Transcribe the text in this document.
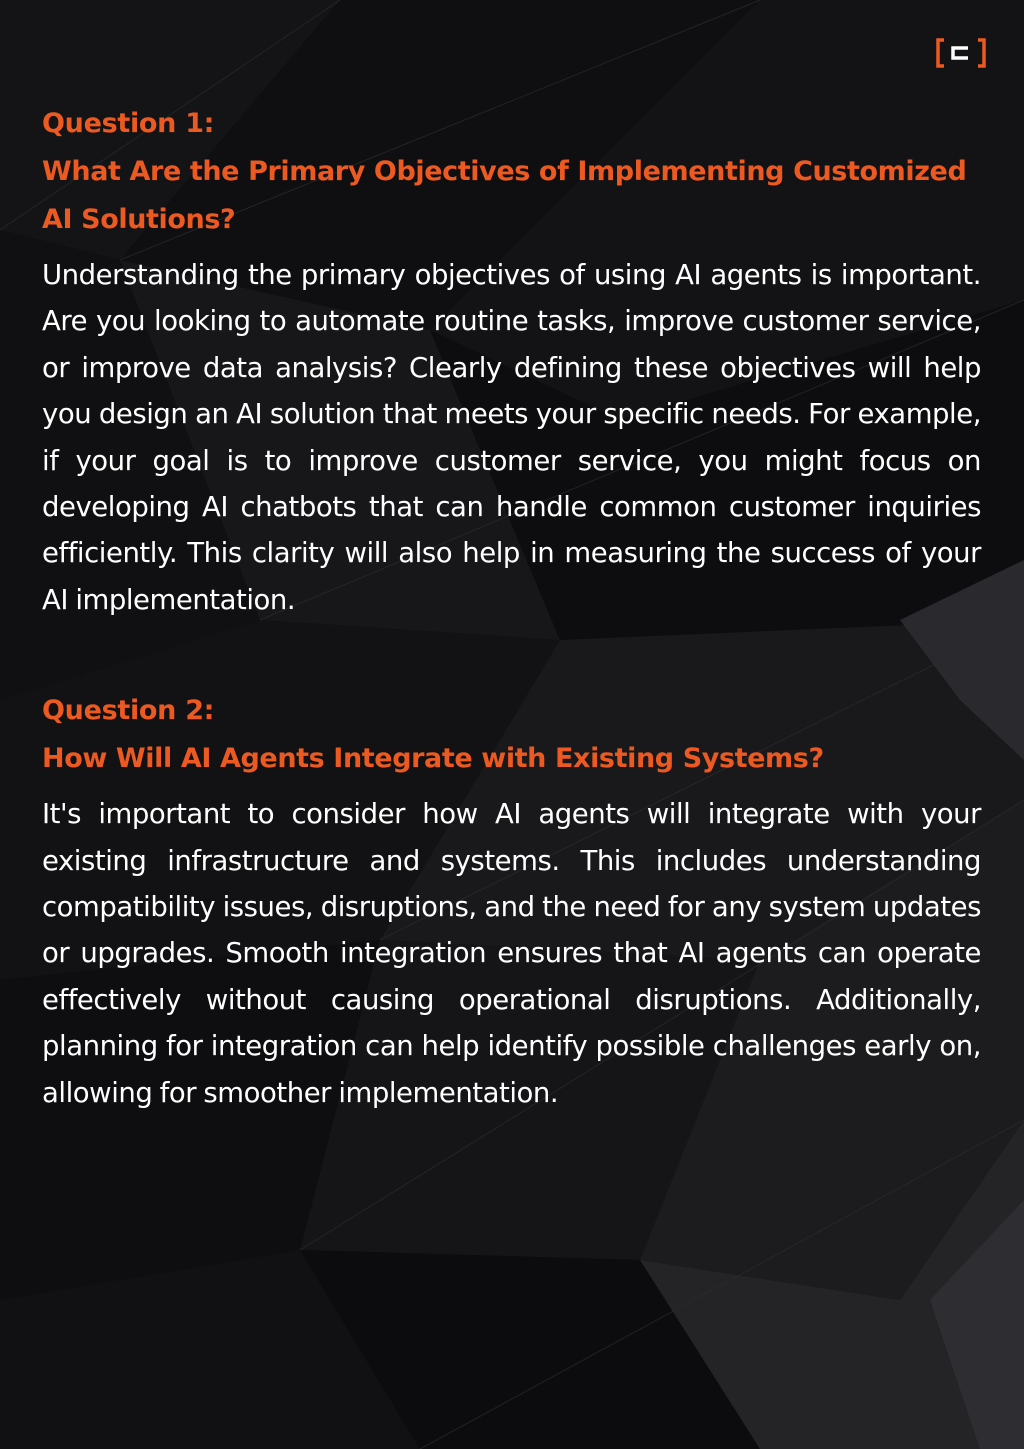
Question 1:
What Are the Primary Objectives of Implementing Customized AI Solutions?

Understanding the primary objectives of using AI agents is important. Are you looking to automate routine tasks, improve customer service, or improve data analysis? Clearly defining these objectives will help you design an AI solution that meets your specific needs. For example, if your goal is to improve customer service, you might focus on developing AI chatbots that can handle common customer inquiries efficiently. This clarity will also help in measuring the success of your AI implementation.

Question 2:
How Will AI Agents Integrate with Existing Systems?

It's important to consider how AI agents will integrate with your existing infrastructure and systems. This includes understanding compatibility issues, disruptions, and the need for any system updates or upgrades. Smooth integration ensures that AI agents can operate effectively without causing operational disruptions. Additionally, planning for integration can help identify possible challenges early on, allowing for smoother implementation.
